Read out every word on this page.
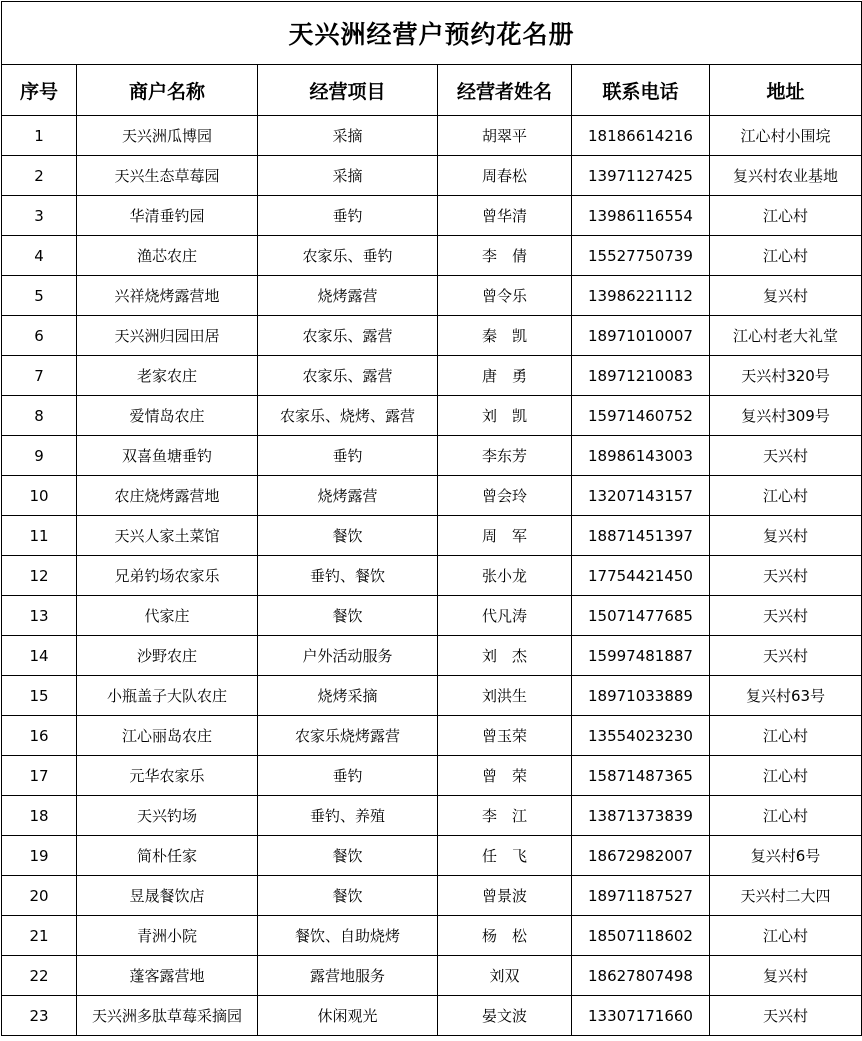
天兴洲经营户预约花名册					
序号	商户名称	经营项目	经营者姓名	联系电话	地址
1	天兴洲瓜博园	采摘	胡翠平	18186614216	江心村小围垸
2	天兴生态草莓园	采摘	周春松	13971127425	复兴村农业基地
3	华清垂钓园	垂钓	曾华清	13986116554	江心村
4	渔芯农庄	农家乐、垂钓	李　倩	15527750739	江心村
5	兴祥烧烤露营地	烧烤露营	曾令乐	13986221112	复兴村
6	天兴洲归园田居	农家乐、露营	秦　凯	18971010007	江心村老大礼堂
7	老家农庄	农家乐、露营	唐　勇	18971210083	天兴村320号
8	爱情岛农庄	农家乐、烧烤、露营	刘　凯	15971460752	复兴村309号
9	双喜鱼塘垂钓	垂钓	李东芳	18986143003	天兴村
10	农庄烧烤露营地	烧烤露营	曾会玲	13207143157	江心村
11	天兴人家土菜馆	餐饮	周　军	18871451397	复兴村
12	兄弟钓场农家乐	垂钓、餐饮	张小龙	17754421450	天兴村
13	代家庄	餐饮	代凡涛	15071477685	天兴村
14	沙野农庄	户外活动服务	刘　杰	15997481887	天兴村
15	小瓶盖子大队农庄	烧烤采摘	刘洪生	18971033889	复兴村63号
16	江心丽岛农庄	农家乐烧烤露营	曾玉荣	13554023230	江心村
17	元华农家乐	垂钓	曾　荣	15871487365	江心村
18	天兴钓场	垂钓、养殖	李　江	13871373839	江心村
19	简朴任家	餐饮	任　飞	18672982007	复兴村6号
20	昱晟餐饮店	餐饮	曾景波	18971187527	天兴村二大四
21	青洲小院	餐饮、自助烧烤	杨　松	18507118602	江心村
22	蓬客露营地	露营地服务	刘双	18627807498	复兴村
23	天兴洲多肽草莓采摘园	休闲观光	晏文波	13307171660	天兴村
